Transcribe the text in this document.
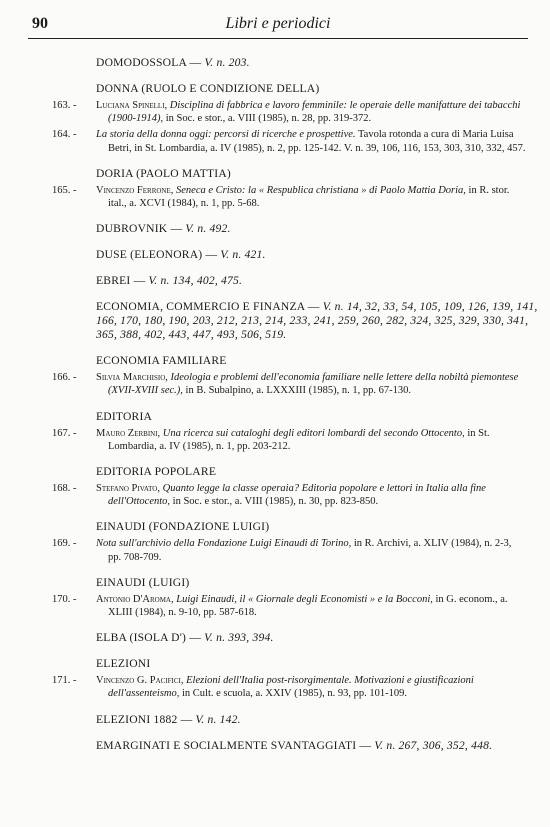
90	Libri e periodici
DOMODOSSOLA — V. n. 203.
DONNA (RUOLO E CONDIZIONE DELLA)
163. -	Luciana Spinelli, Disciplina di fabbrica e lavoro femminile: le operaie delle manifatture dei tabacchi (1900-1914), in Soc. e stor., a. VIII (1985), n. 28, pp. 319-372.
164. -	La storia della donna oggi: percorsi di ricerche e prospettive. Tavola rotonda a cura di Maria Luisa Betri, in St. Lombardia, a. IV (1985), n. 2, pp. 125-142. V. n. 39, 106, 116, 153, 303, 310, 332, 457.
DORIA (PAOLO MATTIA)
165. -	Vincenzo Ferrone, Seneca e Cristo: la « Respublica christiana » di Paolo Mattia Doria, in R. stor. ital., a. XCVI (1984), n. 1, pp. 5-68.
DUBROVNIK — V. n. 492.
DUSE (ELEONORA) — V. n. 421.
EBREI — V. n. 134, 402, 475.
ECONOMIA, COMMERCIO E FINANZA — V. n. 14, 32, 33, 54, 105, 109, 126, 139, 141, 166, 170, 180, 190, 203, 212, 213, 214, 233, 241, 259, 260, 282, 324, 325, 329, 330, 341, 365, 388, 402, 443, 447, 493, 506, 519.
ECONOMIA FAMILIARE
166. -	Silvia Marchisio, Ideologia e problemi dell'economia familiare nelle lettere della nobiltà piemontese (XVII-XVIII sec.), in B. Subalpino, a. LXXXIII (1985), n. 1, pp. 67-130.
EDITORIA
167. -	Mauro Zerbini, Una ricerca sui cataloghi degli editori lombardi del secondo Ottocento, in St. Lombardia, a. IV (1985), n. 1, pp. 203-212.
EDITORIA POPOLARE
168. -	Stefano Pivato, Quanto legge la classe operaia? Editoria popolare e lettori in Italia alla fine dell'Ottocento, in Soc. e stor., a. VIII (1985), n. 30, pp. 823-850.
EINAUDI (FONDAZIONE LUIGI)
169. -	Nota sull'archivio della Fondazione Luigi Einaudi di Torino, in R. Archivi, a. XLIV (1984), n. 2-3, pp. 708-709.
EINAUDI (LUIGI)
170. -	Antonio D'Aroma, Luigi Einaudi, il « Giornale degli Economisti » e la Bocconi, in G. econom., a. XLIII (1984), n. 9-10, pp. 587-618.
ELBA (ISOLA D') — V. n. 393, 394.
ELEZIONI
171. -	Vincenzo G. Pacifici, Elezioni dell'Italia post-risorgimentale. Motivazioni e giustificazioni dell'assenteismo, in Cult. e scuola, a. XXIV (1985), n. 93, pp. 101-109.
ELEZIONI 1882 — V. n. 142.
EMARGINATI E SOCIALMENTE SVANTAGGIATI — V. n. 267, 306, 352, 448.
